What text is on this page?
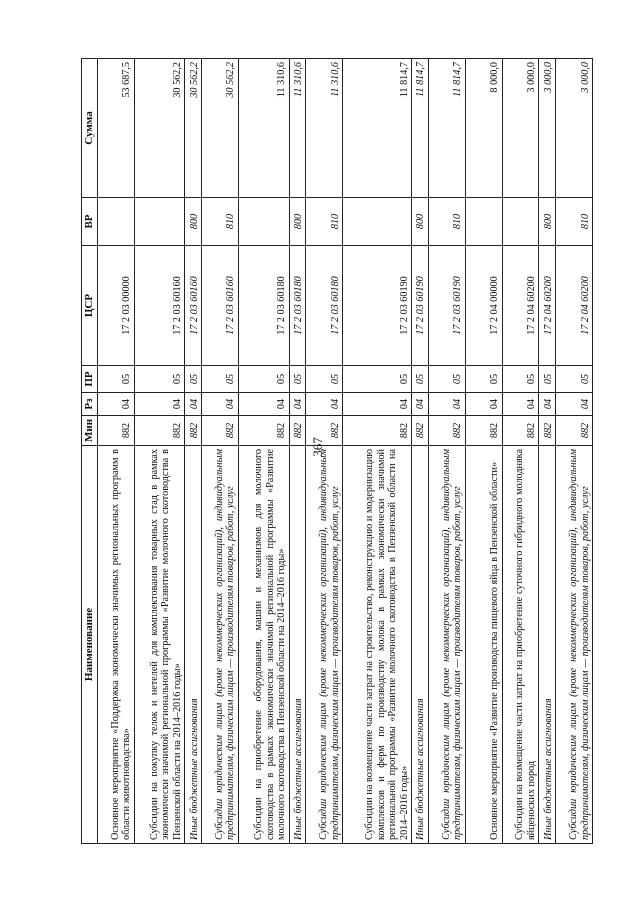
367
Наименование	Мин	Рз	ПР	ЦСР	ВР	Сумма
Основное мероприятие «Поддержка экономически значимых региональных программ в области животноводства»	882	04	05	17 2 03 00000		53 687,5
Субсидии на покупку телок и нетелей для комплектования товарных стад в рамках экономически значимой региональной программы «Развитие молочного скотоводства в Пензенской области на 2014–2016 годы»	882	04	05	17 2 03 60160		30 562,2
Иные бюджетные ассигнования	882	04	05	17 2 03 60160	800	30 562,2
Субсидии юридическим лицам (кроме некоммерческих организаций), индивидуальным предпринимателям, физическим лицам — производителям товаров, работ, услуг	882	04	05	17 2 03 60160	810	30 562,2
Субсидии на приобретение оборудования, машин и механизмов для молочного скотоводства в рамках экономически значимой региональной программы «Развитие молочного скотоводства в Пензенской области на 2014–2016 годы»	882	04	05	17 2 03 60180		11 310,6
Иные бюджетные ассигнования	882	04	05	17 2 03 60180	800	11 310,6
Субсидии юридическим лицам (кроме некоммерческих организаций), индивидуальным предпринимателям, физическим лицам — производителям товаров, работ, услуг	882	04	05	17 2 03 60180	810	11 310,6
Субсидии на возмещение части затрат на строительство, реконструкцию и модернизацию комплексов и ферм по производству молока в рамках экономически значимой региональной программы «Развитие молочного скотоводства в Пензенской области на 2014–2016 годы»	882	04	05	17 2 03 60190		11 814,7
Иные бюджетные ассигнования	882	04	05	17 2 03 60190	800	11 814,7
Субсидии юридическим лицам (кроме некоммерческих организаций), индивидуальным предпринимателям, физическим лицам — производителям товаров, работ, услуг	882	04	05	17 2 03 60190	810	11 814,7
Основное мероприятие «Развитие производства пищевого яйца в Пензенской области»	882	04	05	17 2 04 00000		8 000,0
Субсидии на возмещение части затрат на приобретение суточного гибридного молодняка яйценоских пород	882	04	05	17 2 04 60200		3 000,0
Иные бюджетные ассигнования	882	04	05	17 2 04 60200	800	3 000,0
Субсидии юридическим лицам (кроме некоммерческих организаций), индивидуальным предпринимателям, физическим лицам — производителям товаров, работ, услуг	882	04	05	17 2 04 60200	810	3 000,0
